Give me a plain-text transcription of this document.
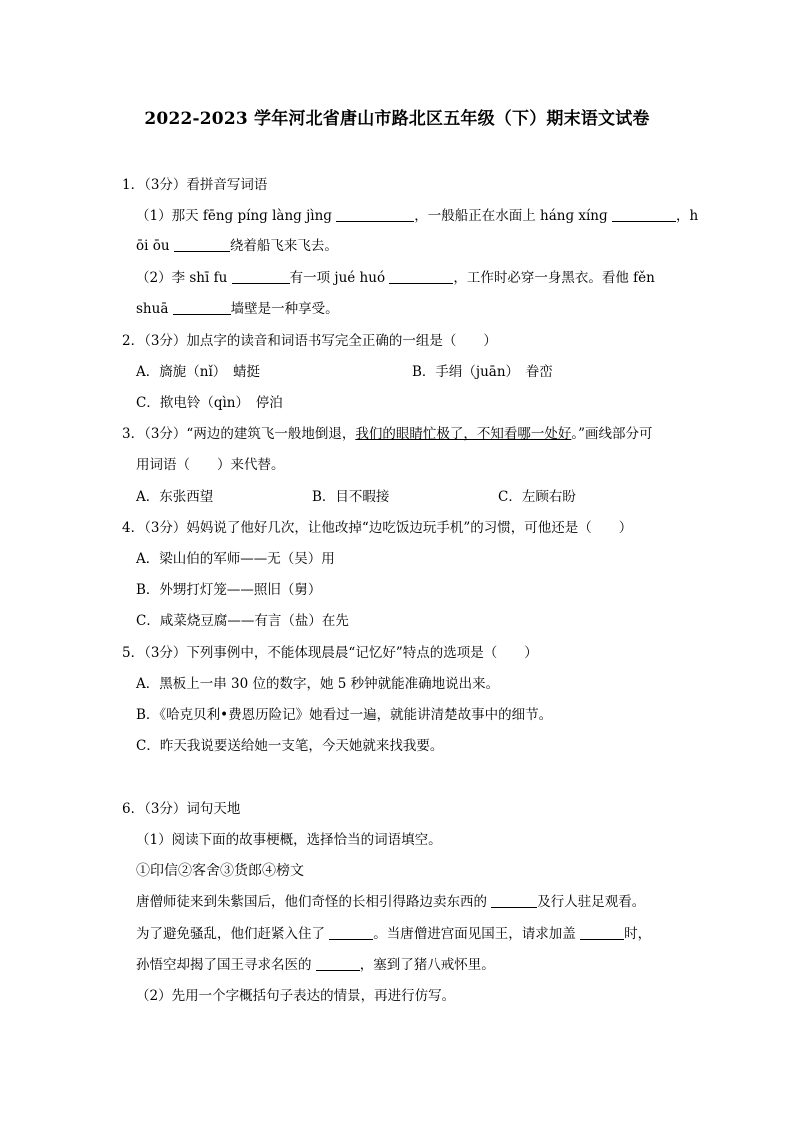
2022-2023 学年河北省唐山市路北区五年级（下）期末语文试卷
1．（3分）看拼音写词语
（1）那天 fēnɡ pínɡ lànɡ jìnɡ	，一般船正在水面上 hánɡ xínɡ	，h
ōi ōu	绕着船飞来飞去。
（2）李 shī fu	有一项 jué huó	，工作时必穿一身黑衣。看他 fěn
shuā	墙壁是一种享受。
2．（3分）加点字的读音和词语书写完全正确的一组是（　　）
A．旖旎（nǐ）　蜻挺	B．手绢（juān）　眷峦
C．揿电铃（qìn）　停泊
3．（3分）“两边的建筑飞一般地倒退，我们的眼睛忙极了，不知看哪一处好。”画线部分可
用词语（　　）来代替。
A．东张西望	B．目不暇接	C．左顾右盼
4．（3分）妈妈说了他好几次，让他改掉“边吃饭边玩手机”的习惯，可他还是（　　）
A．梁山伯的军师——无（吴）用
B．外甥打灯笼——照旧（舅）
C．咸菜烧豆腐——有言（盐）在先
5．（3分）下列事例中，不能体现晨晨“记忆好”特点的选项是（　　）
A．黑板上一串 30 位的数字，她 5 秒钟就能准确地说出来。
B．《哈克贝利•费恩历险记》她看过一遍，就能讲清楚故事中的细节。
C．昨天我说要送给她一支笔，今天她就来找我要。
6．（3分）词句天地
（1）阅读下面的故事梗概，选择恰当的词语填空。
①印信②客舍③货郎④榜文
唐僧师徒来到朱紫国后，他们奇怪的长相引得路边卖东西的	及行人驻足观看。
为了避免骚乱，他们赶紧入住了	。当唐僧进宫面见国王，请求加盖	时，
孙悟空却揭了国王寻求名医的	，塞到了猪八戒怀里。
（2）先用一个字概括句子表达的情景，再进行仿写。
